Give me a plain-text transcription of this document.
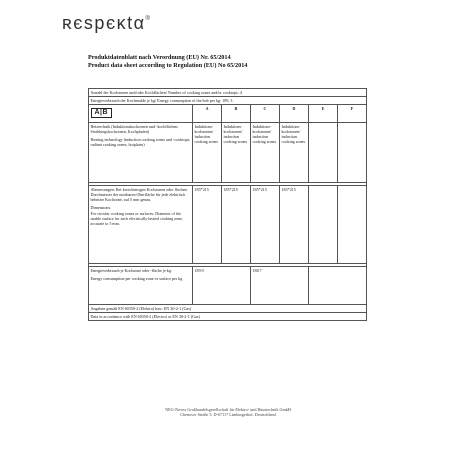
ʀєspєκtα®
Produktdatenblatt nach Verordnung (EU) Nr. 65/2014
Product data sheet according to Regulation (EU) No 65/2014
Anzahl der Kochzonen und/oder Kochflächen/ Number of cooking zones and/or cooktops: 4						
Energieverbrauch der Kochmulde je kg/ Energy consumption of the hob per kg: 189, 3						
A|B	A	B	C	D	E	F
Heiztechnik (Induktionskochzonen und -kochflächen, Strahlungskochzonen, Kochplatten)
Heating technology (induction cooking zones and -cooktops, radiant cooking zones, hotplates)	Induktions-kochzonen/ induction cooking zones	Induktions-kochzonen/ induction cooking zones	Induktions-kochzonen/ induction cooking zones	Induktions-kochzonen/ induction cooking zones		

Abmessungen: Bei kreisförmigen Kochzonen oder flächen: Durchmesser der nutzbaren Oberfläche für jede elektrisch beheizte Kochzone, auf 5 mm genau.
Dimensions:
For circular cooking zones or surfaces: Diameter of the usable surface for each electrically heated cooking zone, accurate to 5 mm.	185*215	185*215	185*215	185*215		

Energieverbrauch je Kochzone oder -fläche je kg:
Energy consumption per cooking zone or surface per kg	189.9		188.7			
Angaben gemäß EN 60350-2 (Elektro) bzw. EN 30-2-1 (Gas)						
Data in accordance with EN 60350-2 (Electro) or EN 30-2-1 (Gas)						
NEG-Novex Großhandelsgesellschaft für Elektro- und Haustechnik GmbH
Chenover Straße 5, D-67117 Limburgerhof, Deutschland
